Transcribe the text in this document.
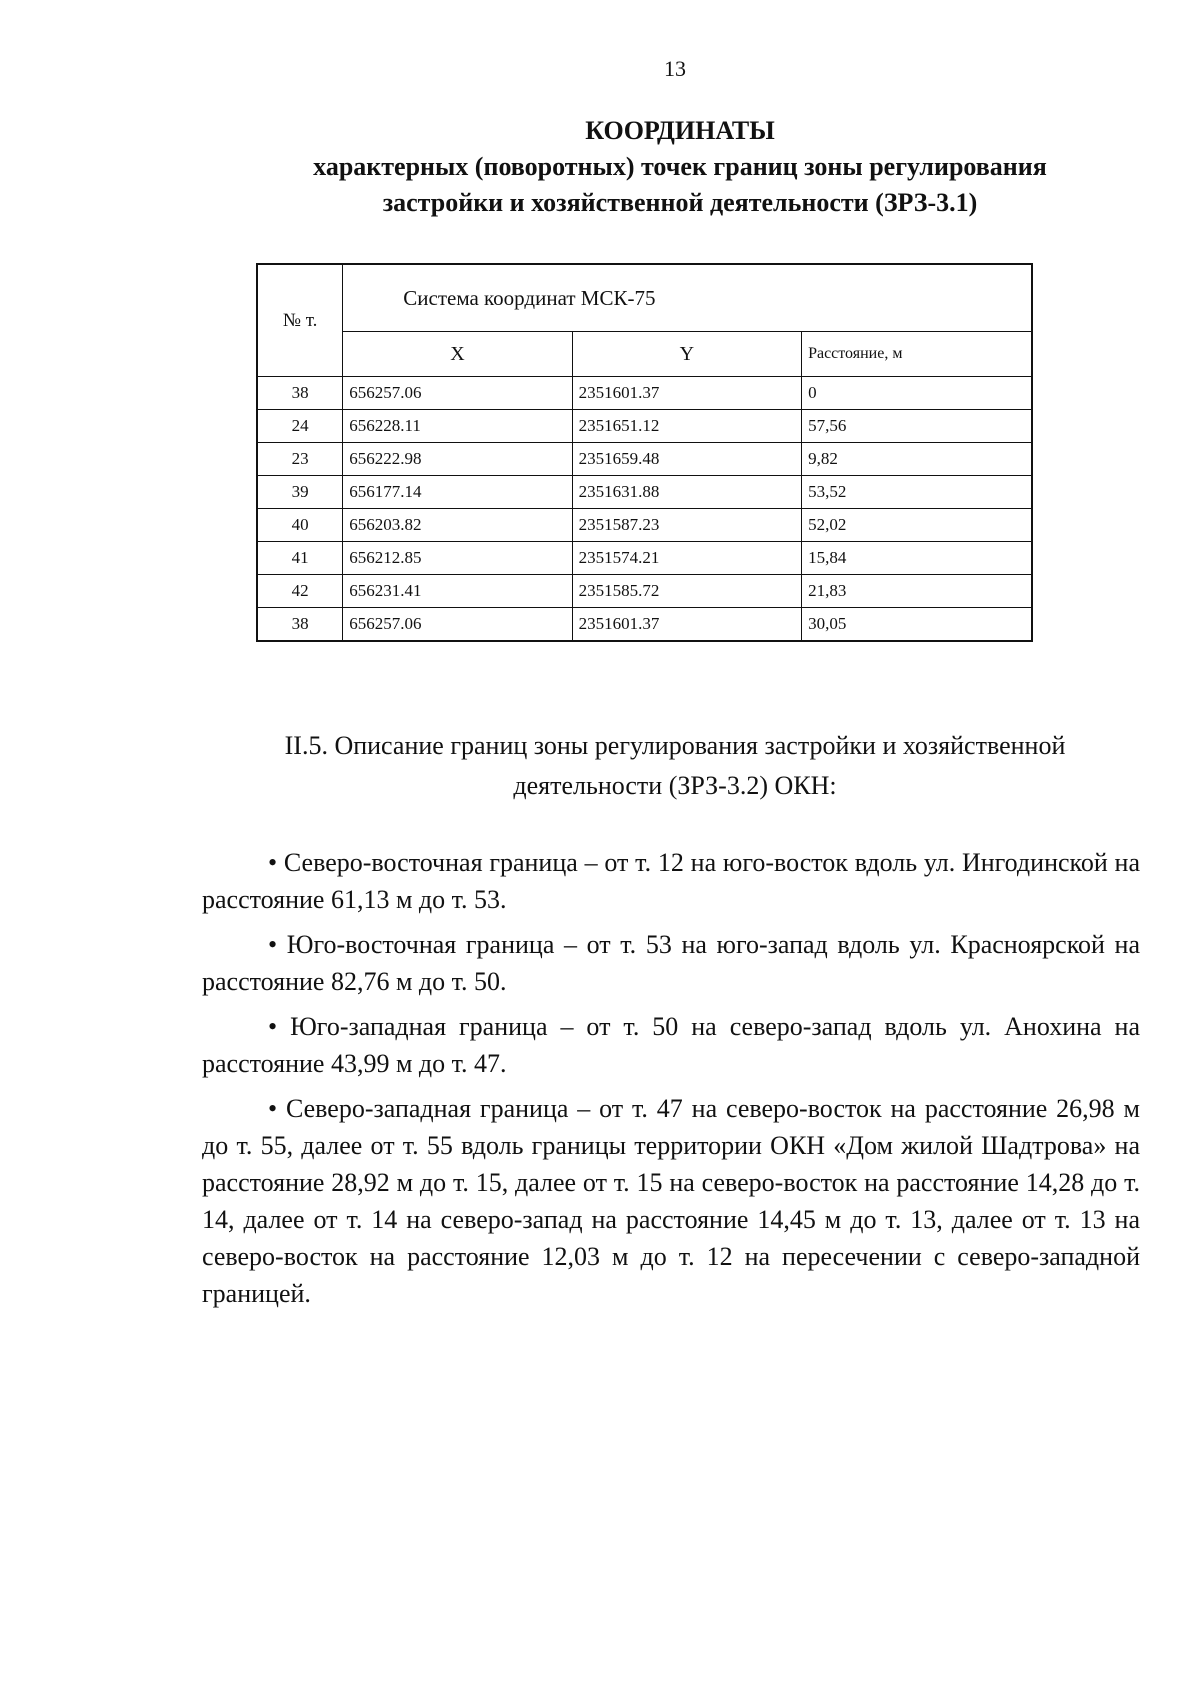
13
КООРДИНАТЫ
характерных (поворотных) точек границ зоны регулирования
застройки и хозяйственной деятельности (ЗРЗ-3.1)
№ т.	Система координат МСК-75		
	X	Y	Расстояние, м
38	656257.06	2351601.37	0
24	656228.11	2351651.12	57,56
23	656222.98	2351659.48	9,82
39	656177.14	2351631.88	53,52
40	656203.82	2351587.23	52,02
41	656212.85	2351574.21	15,84
42	656231.41	2351585.72	21,83
38	656257.06	2351601.37	30,05
II.5. Описание границ зоны регулирования застройки и хозяйственной
деятельности (ЗРЗ-3.2) ОКН:

• Северо-восточная граница – от т. 12 на юго-восток вдоль ул. Ингодинской на расстояние 61,13 м до т. 53.

• Юго-восточная граница – от т. 53 на юго-запад вдоль ул. Красноярской на расстояние 82,76 м до т. 50.

• Юго-западная граница – от т. 50 на северо-запад вдоль ул. Анохина на расстояние 43,99 м до т. 47.

• Северо-западная граница – от т. 47 на северо-восток на расстояние 26,98 м до т. 55, далее от т. 55 вдоль границы территории ОКН «Дом жилой Шадтрова» на расстояние 28,92 м до т. 15, далее от т. 15 на северо-восток на расстояние 14,28 до т. 14, далее от т. 14 на северо-запад на расстояние 14,45 м до т. 13, далее от т. 13 на северо-восток на расстояние 12,03 м до т. 12 на пересечении с северо-западной границей.
